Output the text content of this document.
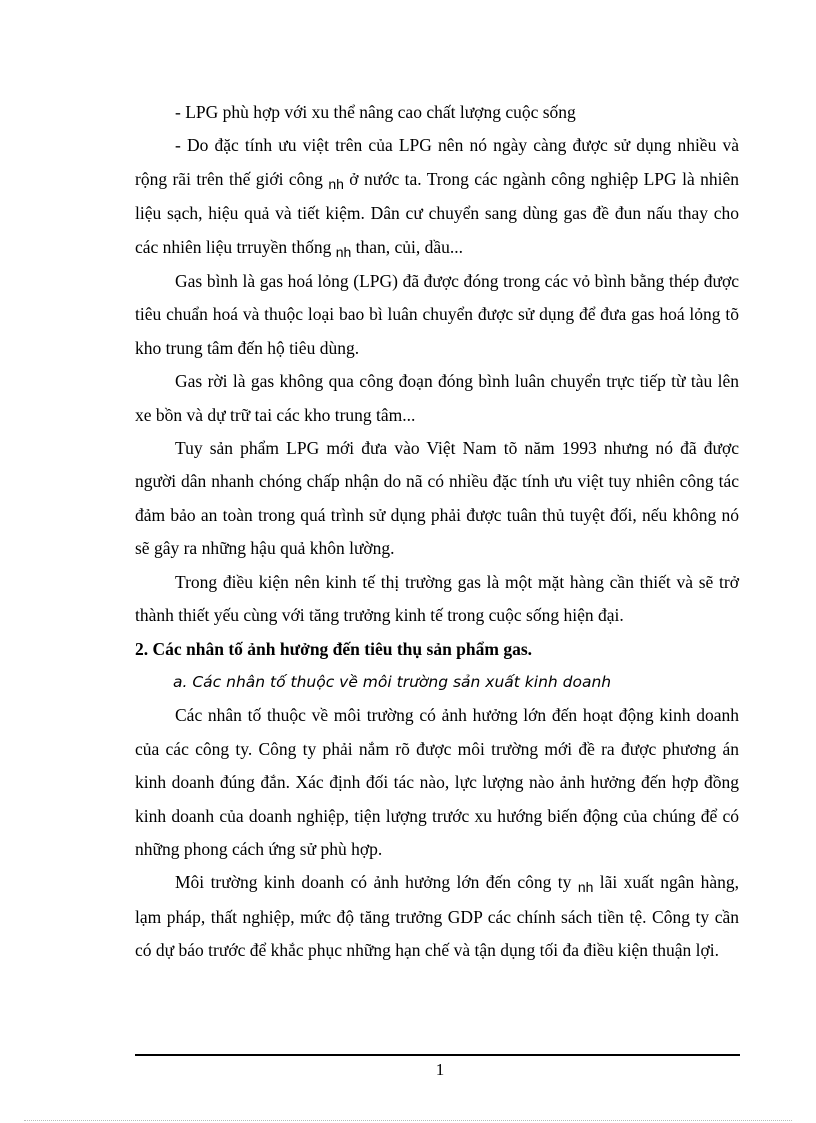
- LPG phù hợp với xu thể nâng cao chất lượng cuộc sống

- Do đặc tính ưu việt trên của LPG nên nó ngày càng được sử dụng nhiều và rộng rãi trên thế giới công $_{nh}$ ở nước ta. Trong các ngành công nghiệp LPG là nhiên liệu sạch, hiệu quả và tiết kiệm. Dân cư chuyển sang dùng gas đề đun nấu thay cho các nhiên liệu trruyền thống $_{nh}$ than, củi, dầu...

Gas bình là gas hoá lỏng (LPG) đã được đóng trong các vỏ bình bằng thép được tiêu chuẩn hoá và thuộc loại bao bì luân chuyển được sử dụng để đưa gas hoá lỏng tõ kho trung tâm đến hộ tiêu dùng.

Gas rời là gas không qua công đoạn đóng bình luân chuyển trực tiếp từ tàu lên xe bồn và dự trữ tai các kho trung tâm...

Tuy sản phẩm LPG mới đưa vào Việt Nam tõ năm 1993 nhưng nó đã được người dân nhanh chóng chấp nhận do nã có nhiều đặc tính ưu việt tuy nhiên công tác đảm bảo an toàn trong quá trình sử dụng phải được tuân thủ tuyệt đối, nếu không nó sẽ gây ra những hậu quả khôn lường.

Trong điều kiện nên kinh tế thị trường gas là một mặt hàng cần thiết và sẽ trở thành thiết yếu cùng với tăng trưởng kinh tế trong cuộc sống hiện đại.

2. Các nhân tố ảnh hưởng đến tiêu thụ sản phẩm gas.

a. Các nhân tố thuộc về môi trường sản xuất kinh doanh

Các nhân tố thuộc về môi trường có ảnh hưởng lớn đến hoạt động kinh doanh của các công ty. Công ty phải nắm rõ được môi trường mới đề ra được phương án kinh doanh đúng đắn. Xác định đối tác nào, lực lượng nào ảnh hưởng đến hợp đồng kinh doanh của doanh nghiệp, tiện lượng trước xu hướng biến động của chúng để có những phong cách ứng sử phù hợp.

Môi trường kinh doanh có ảnh hưởng lớn đến công ty $_{nh}$ lãi xuất ngân hàng, lạm pháp, thất nghiệp, mức độ tăng trưởng GDP các chính sách tiền tệ. Công ty cần có dự báo trước để khắc phục những hạn chế và tận dụng tối đa điều kiện thuận lợi.

1
